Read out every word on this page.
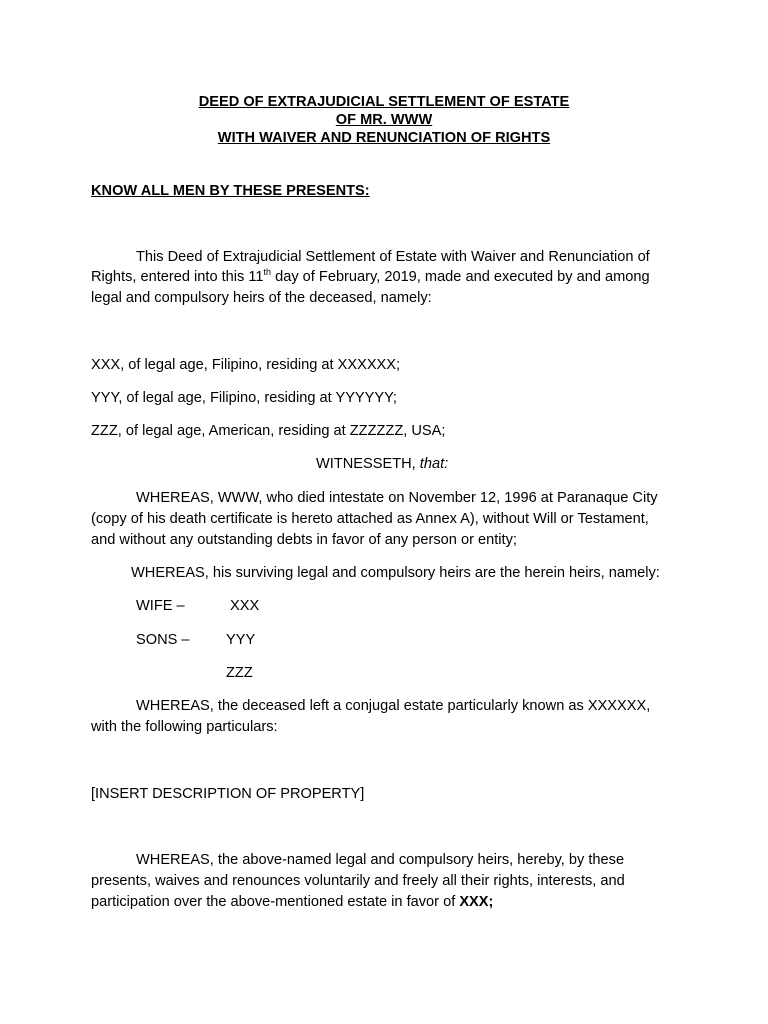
DEED OF EXTRAJUDICIAL SETTLEMENT OF ESTATE
OF MR. WWW
WITH WAIVER AND RENUNCIATION OF RIGHTS
KNOW ALL MEN BY THESE PRESENTS:
This Deed of Extrajudicial Settlement of Estate with Waiver and Renunciation of
Rights, entered into this 11th day of February, 2019, made and executed by and among
legal and compulsory heirs of the deceased, namely:
XXX, of legal age, Filipino, residing at XXXXXX;
YYY, of legal age, Filipino, residing at YYYYYY;
ZZZ, of legal age, American, residing at ZZZZZZ, USA;
WITNESSETH, that:
WHEREAS, WWW, who died intestate on November 12, 1996 at Paranaque City
(copy of his death certificate is hereto attached as Annex A), without Will or Testament,
and without any outstanding debts in favor of any person or entity;
WHEREAS, his surviving legal and compulsory heirs are the herein heirs, namely:
WIFE –	XXX
SONS – YYY
ZZZ
WHEREAS, the deceased left a conjugal estate particularly known as XXXXXX,
with the following particulars:
[INSERT DESCRIPTION OF PROPERTY]
WHEREAS, the above-named legal and compulsory heirs, hereby, by these
presents, waives and renounces voluntarily and freely all their rights, interests, and
participation over the above-mentioned estate in favor of XXX;
